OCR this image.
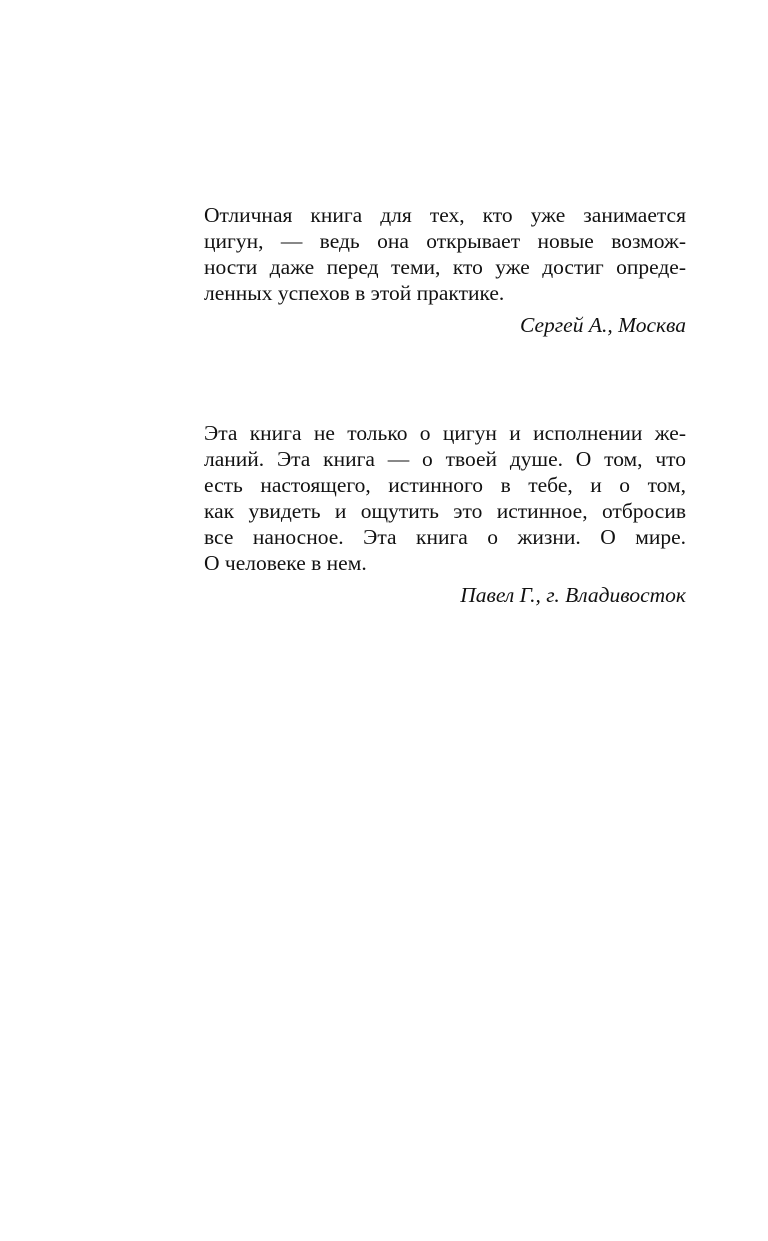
Отличная книга для тех, кто уже занимается
цигун, — ведь она открывает новые возмож-
ности даже перед теми, кто уже достиг опреде-
ленных успехов в этой практике.
Сергей А., Москва
Эта книга не только о цигун и исполнении же-
ланий. Эта книга — о твоей душе. О том, что
есть настоящего, истинного в тебе, и о том,
как увидеть и ощутить это истинное, отбросив
все наносное. Эта книга о жизни. О мире.
О человеке в нем.
Павел Г., г. Владивосток
